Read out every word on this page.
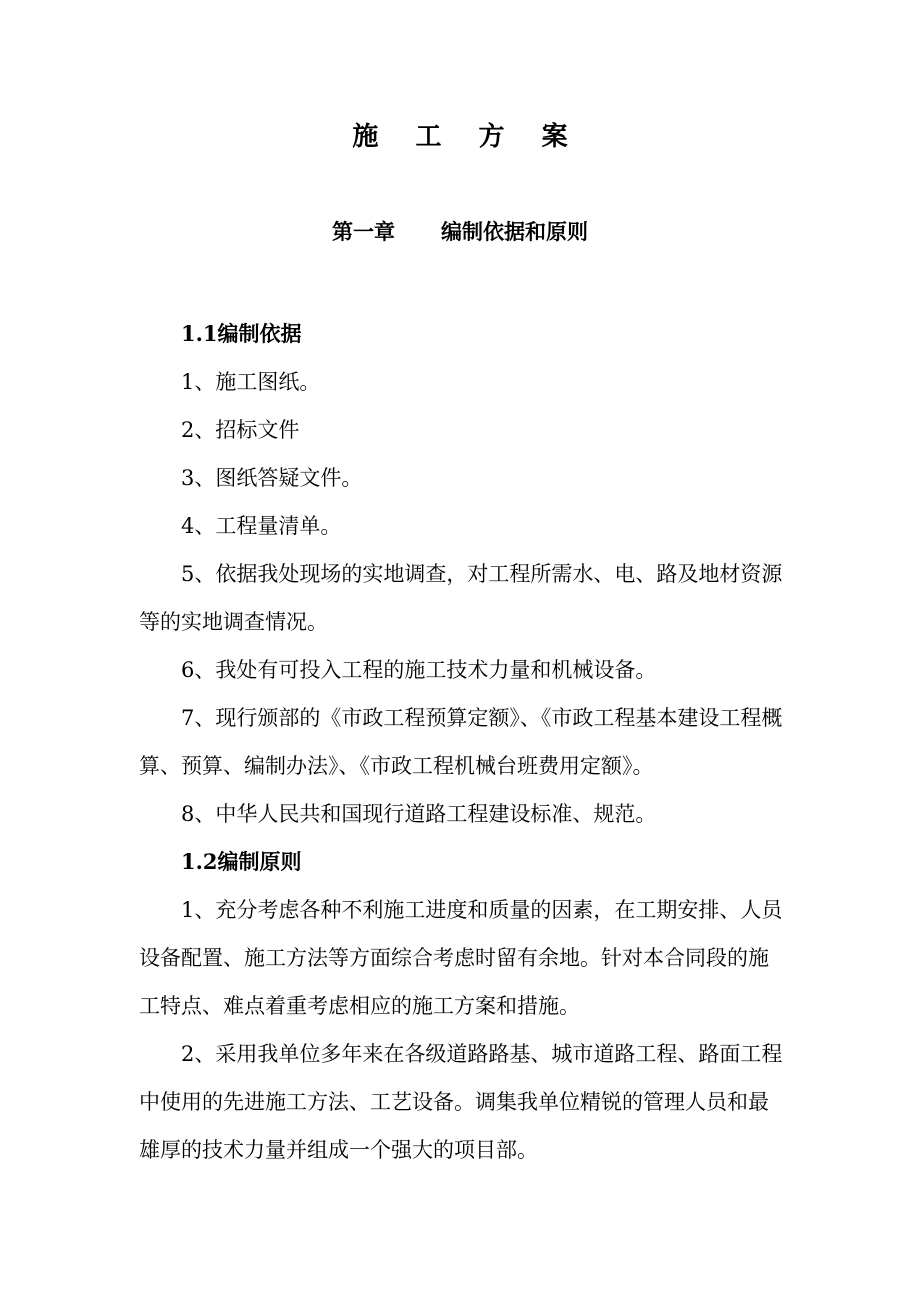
施 工 方 案
第一章 编制依据和原则

1.1编制依据

1、施工图纸。

2、招标文件

3、图纸答疑文件。

4、工程量清单。

5、依据我处现场的实地调查，对工程所需水、电、路及地材资源等的实地调查情况。

6、我处有可投入工程的施工技术力量和机械设备。

7、现行颁部的《市政工程预算定额》、《市政工程基本建设工程概算、预算、编制办法》、《市政工程机械台班费用定额》。

8、中华人民共和国现行道路工程建设标准、规范。

1.2编制原则

1、充分考虑各种不利施工进度和质量的因素，在工期安排、人员设备配置、施工方法等方面综合考虑时留有余地。针对本合同段的施工特点、难点着重考虑相应的施工方案和措施。

2、采用我单位多年来在各级道路路基、城市道路工程、路面工程中使用的先进施工方法、工艺设备。调集我单位精锐的管理人员和最雄厚的技术力量并组成一个强大的项目部。
